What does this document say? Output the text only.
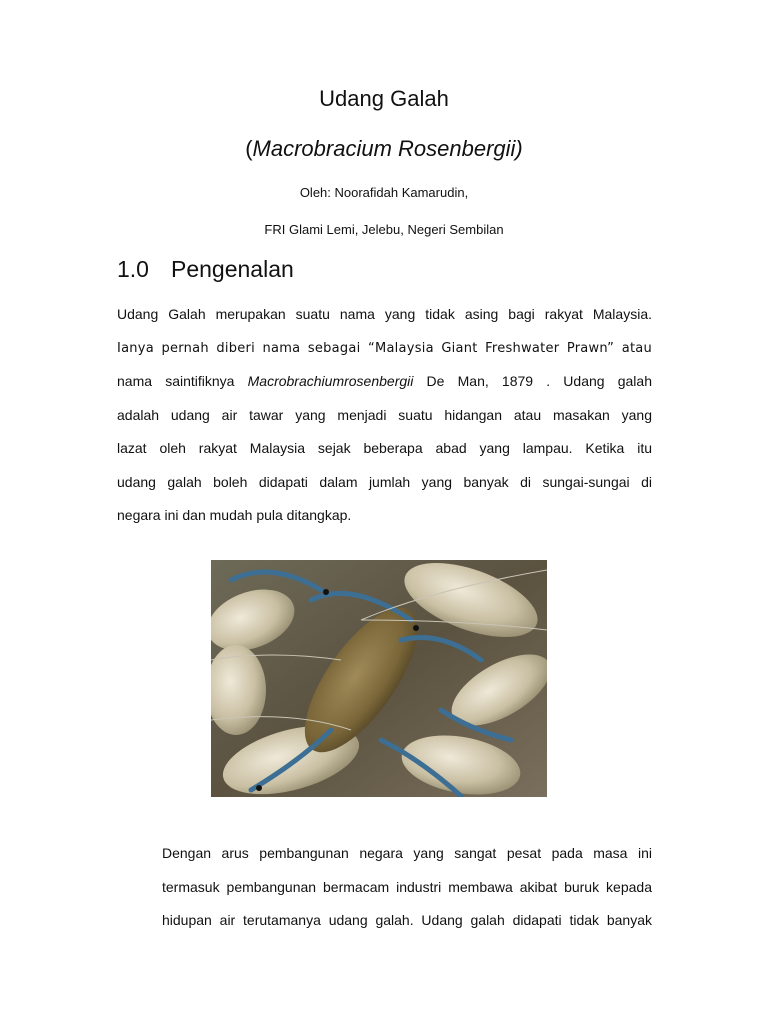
Udang Galah
(Macrobracium Rosenbergii)
Oleh: Noorafidah Kamarudin,
FRI Glami Lemi, Jelebu, Negeri Sembilan
1.0 Pengenalan
Udang Galah merupakan suatu nama yang tidak asing bagi rakyat Malaysia.
Ianya pernah diberi nama sebagai “Malaysia Giant Freshwater Prawn” atau
nama saintifiknya Macrobrachiumrosenbergii De Man, 1879 . Udang galah
adalah udang air tawar yang menjadi suatu hidangan atau masakan yang
lazat oleh rakyat Malaysia sejak beberapa abad yang lampau. Ketika itu
udang galah boleh didapati dalam jumlah yang banyak di sungai-sungai di
negara ini dan mudah pula ditangkap.
Dengan arus pembangunan negara yang sangat pesat pada masa ini
termasuk pembangunan bermacam industri membawa akibat buruk kepada
hidupan air terutamanya udang galah. Udang galah didapati tidak banyak
